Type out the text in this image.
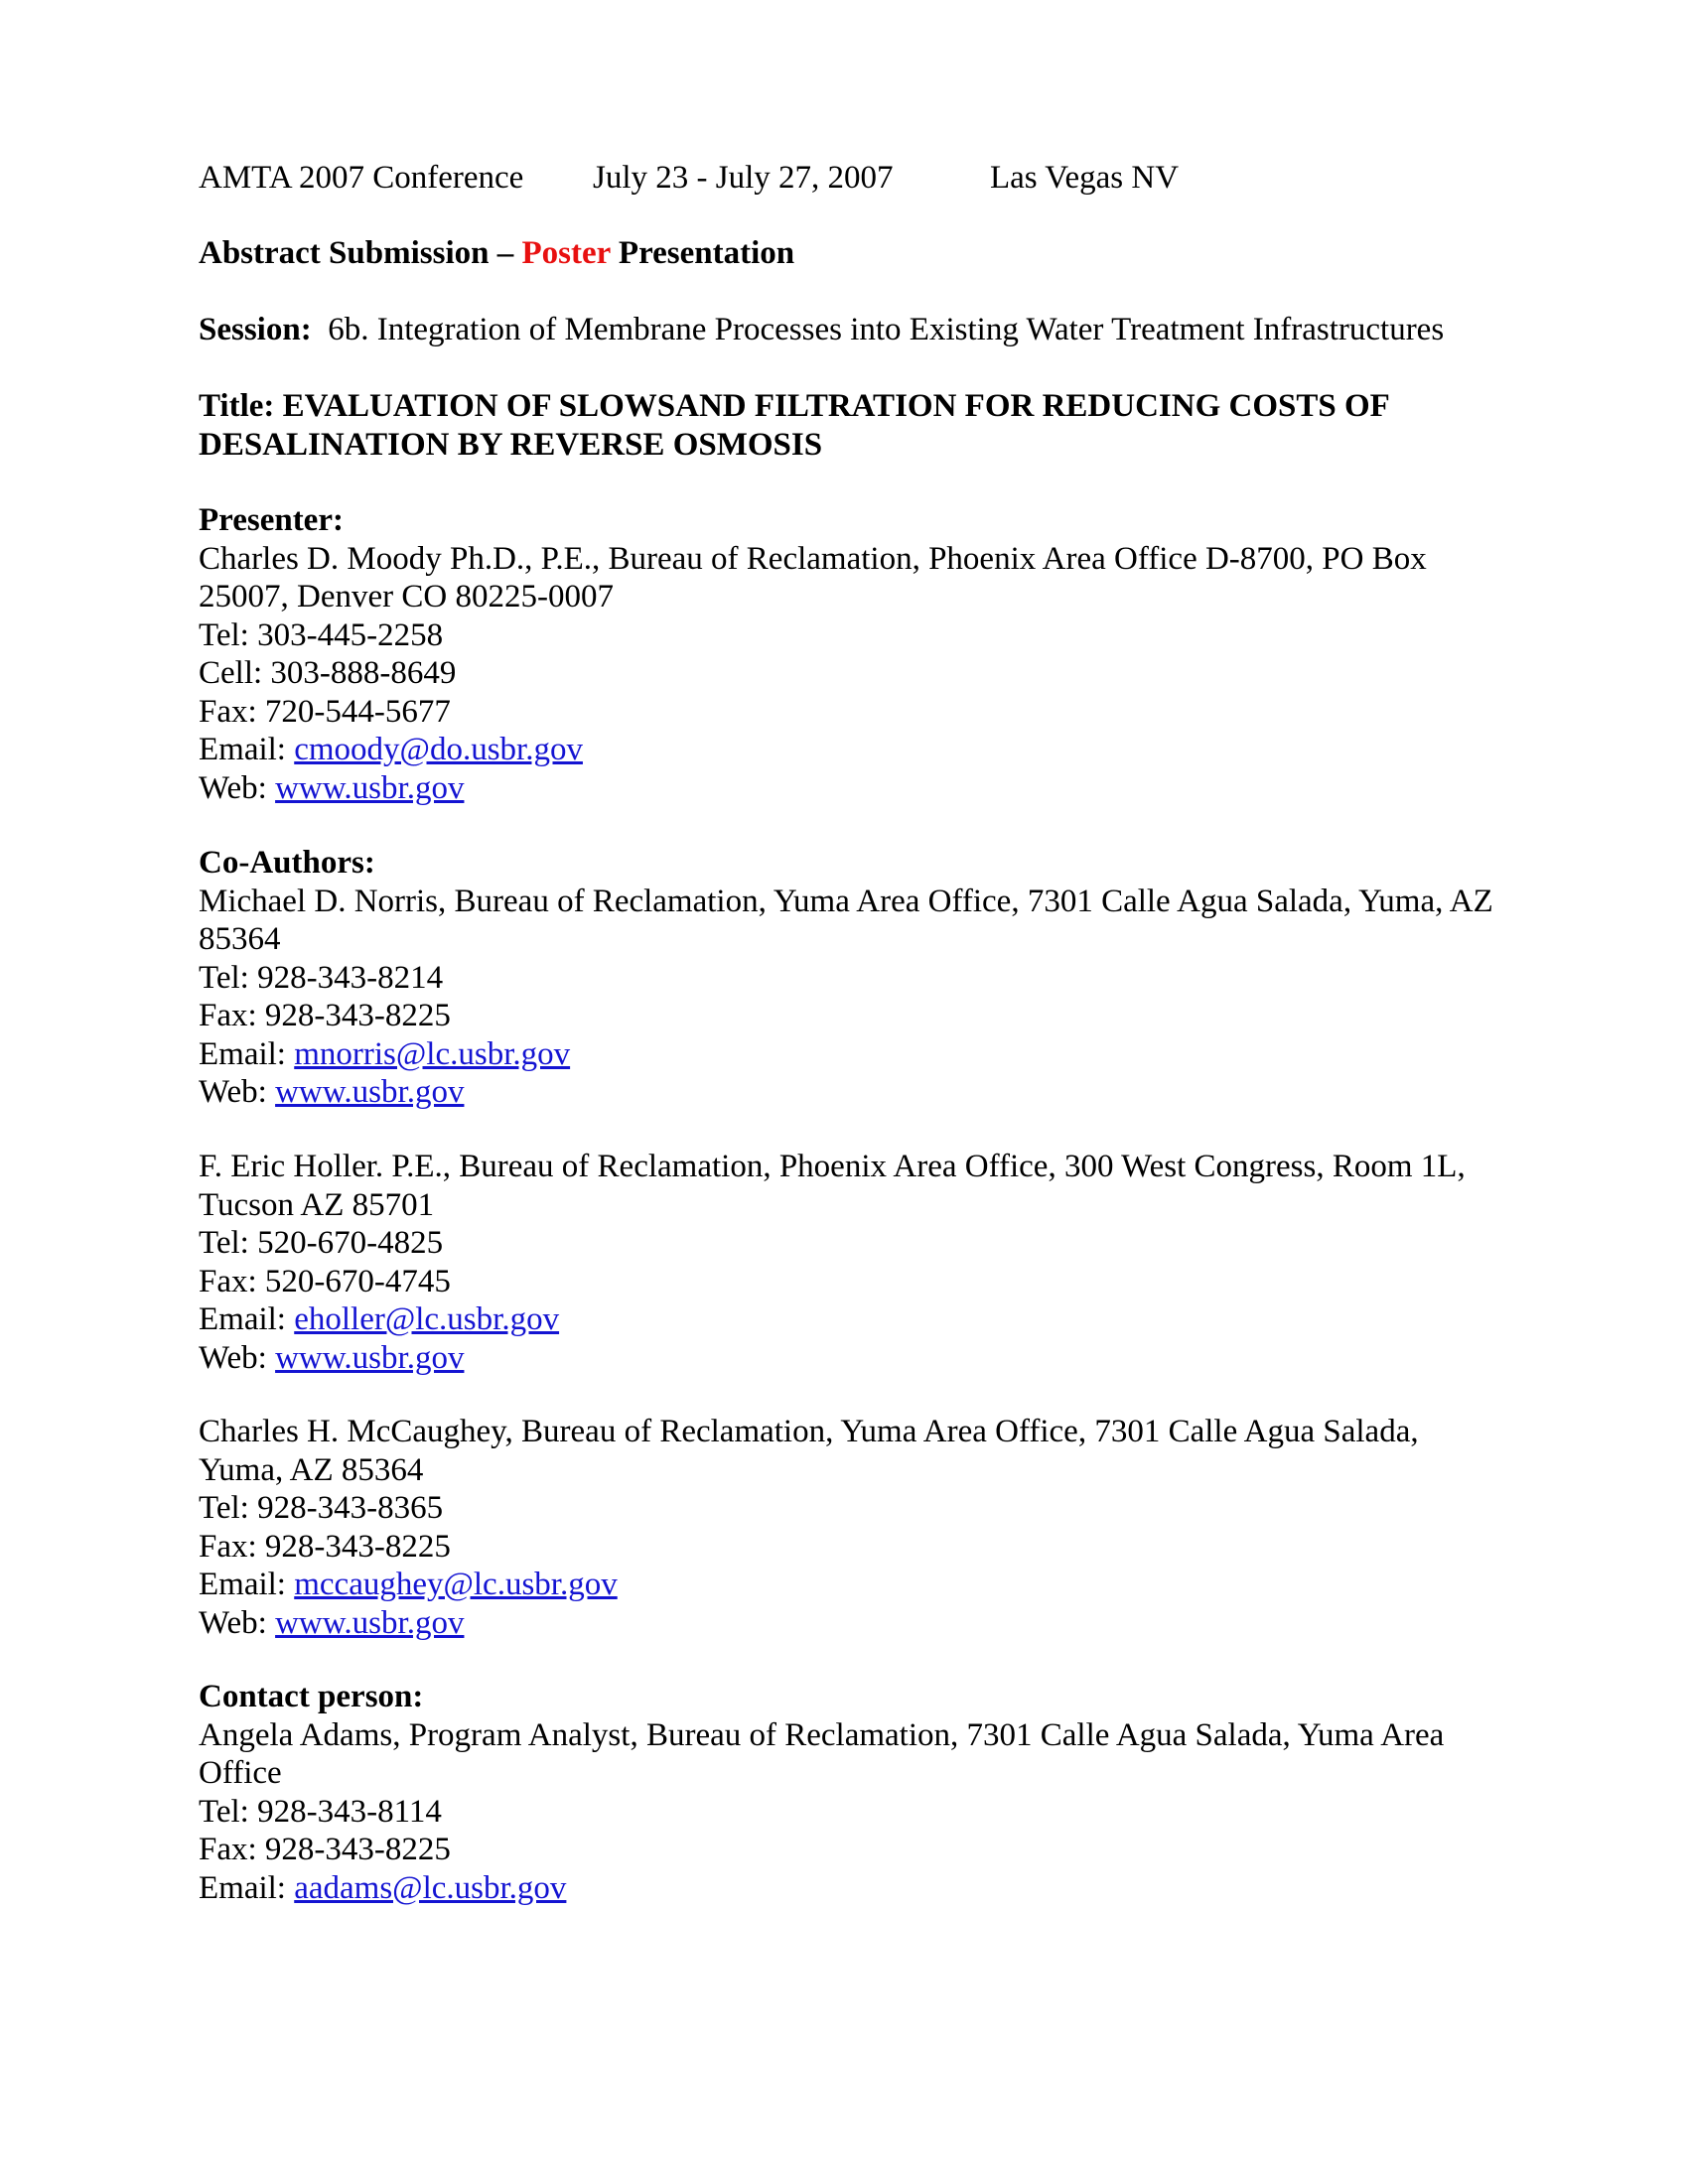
AMTA 2007 Conference July 23 - July 27, 2007	Las Vegas NV
Abstract Submission – Poster Presentation
Session: 6b. Integration of Membrane Processes into Existing Water Treatment Infrastructures
Title: EVALUATION OF SLOWSAND FILTRATION FOR REDUCING COSTS OF
DESALINATION BY REVERSE OSMOSIS
Presenter:
Charles D. Moody Ph.D., P.E., Bureau of Reclamation, Phoenix Area Office D-8700, PO Box
25007, Denver CO 80225-0007
Tel: 303-445-2258
Cell: 303-888-8649
Fax: 720-544-5677
Email: cmoody@do.usbr.gov
Web: www.usbr.gov
Co-Authors:
Michael D. Norris, Bureau of Reclamation, Yuma Area Office, 7301 Calle Agua Salada, Yuma, AZ
85364
Tel: 928-343-8214
Fax: 928-343-8225
Email: mnorris@lc.usbr.gov
Web: www.usbr.gov
F. Eric Holler. P.E., Bureau of Reclamation, Phoenix Area Office, 300 West Congress, Room 1L,
Tucson AZ 85701
Tel: 520-670-4825
Fax: 520-670-4745
Email: eholler@lc.usbr.gov
Web: www.usbr.gov
Charles H. McCaughey, Bureau of Reclamation, Yuma Area Office, 7301 Calle Agua Salada,
Yuma, AZ 85364
Tel: 928-343-8365
Fax: 928-343-8225
Email: mccaughey@lc.usbr.gov
Web: www.usbr.gov
Contact person:
Angela Adams, Program Analyst, Bureau of Reclamation, 7301 Calle Agua Salada, Yuma Area
Office
Tel: 928-343-8114
Fax: 928-343-8225
Email: aadams@lc.usbr.gov
